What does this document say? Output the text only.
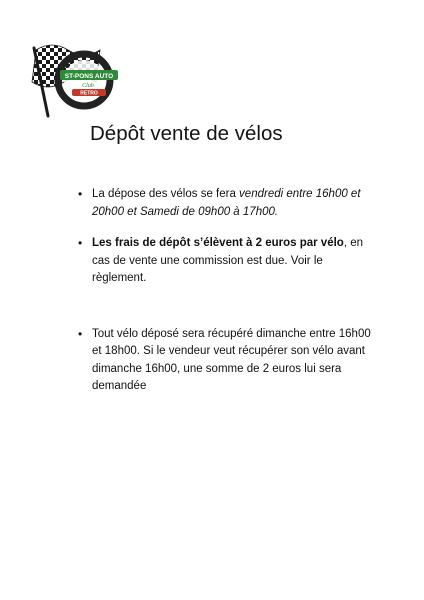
ST-PONS AUTO
Club
RETRO
Dépôt vente de vélos
• La dépose des vélos se fera vendredi entre 16h00 et 20h00 et Samedi de 09h00 à 17h00.
• Les frais de dépôt s’élèvent à 2 euros par vélo, en cas de vente une commission est due. Voir le règlement.
• Tout vélo déposé sera récupéré dimanche entre 16h00 et 18h00. Si le vendeur veut récupérer son vélo avant dimanche 16h00, une somme de 2 euros lui sera demandée
